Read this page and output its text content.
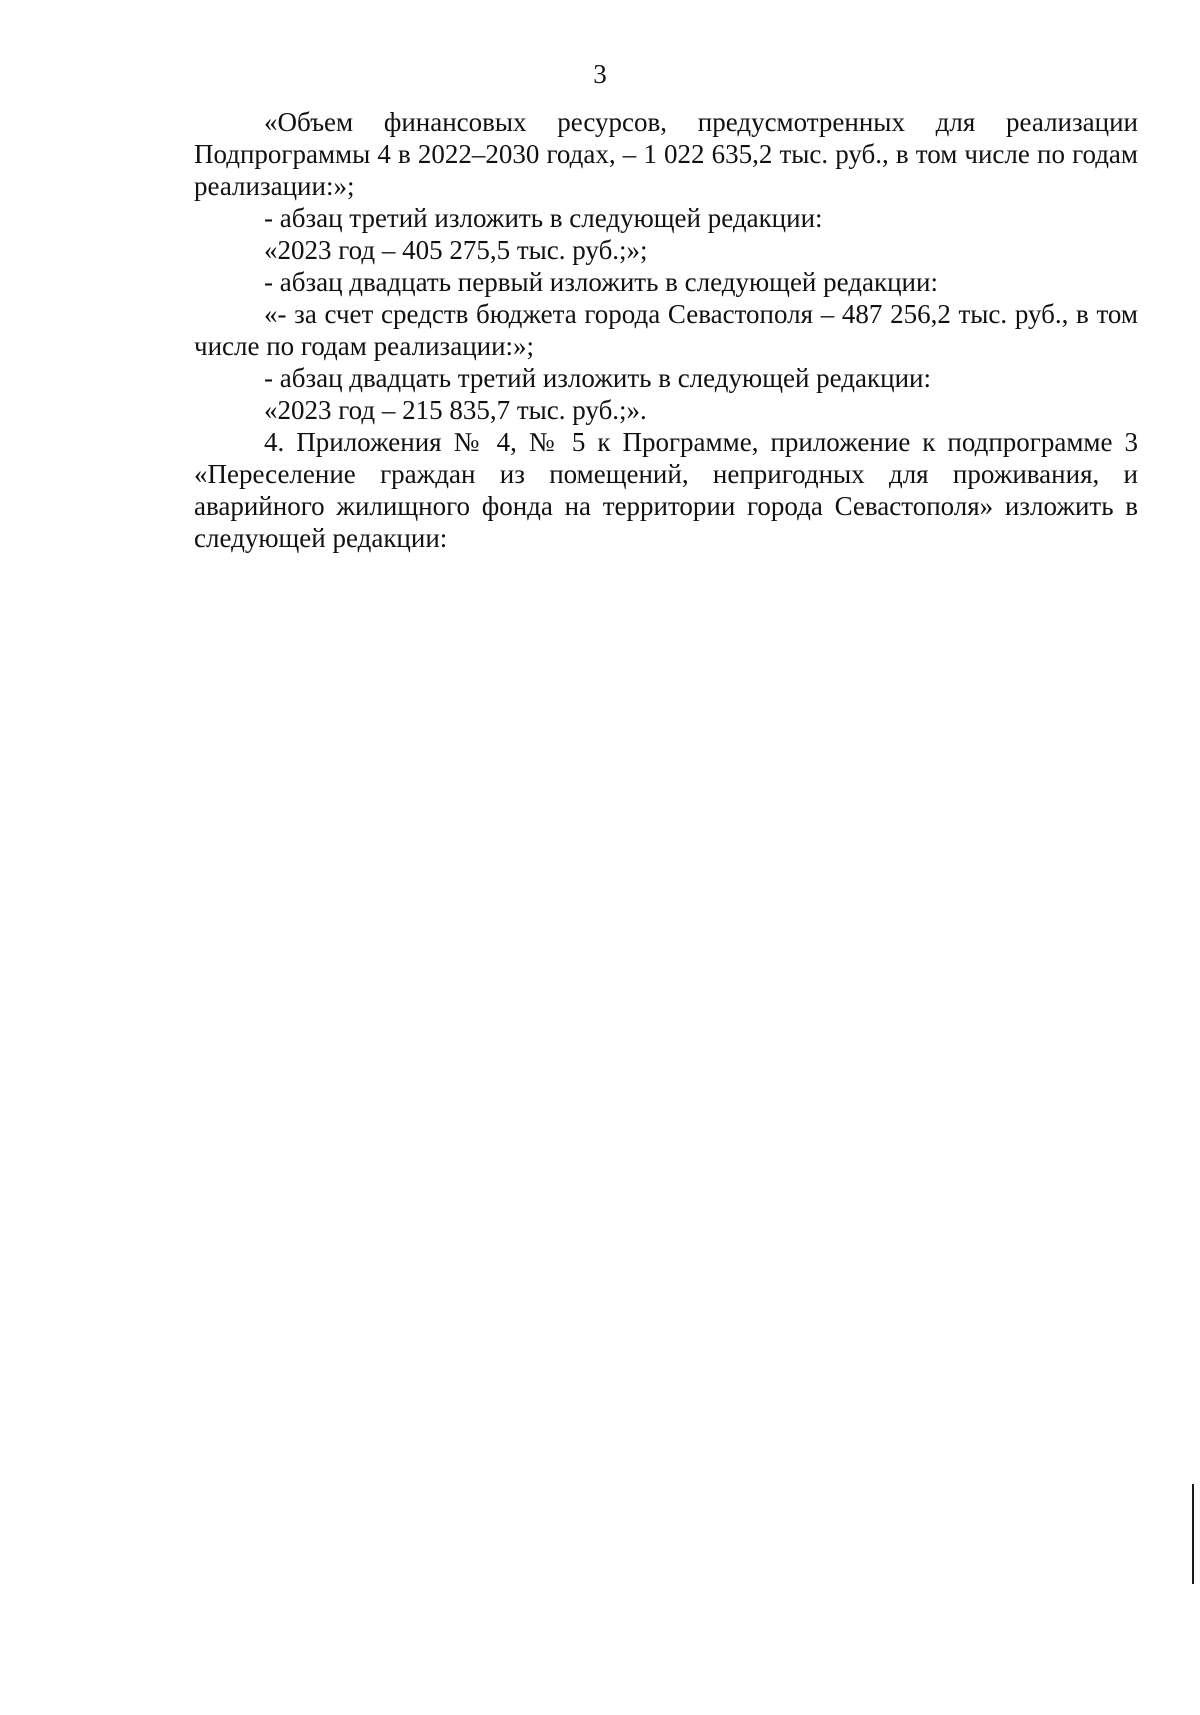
3

«Объем финансовых ресурсов, предусмотренных для реализации Подпрограммы 4 в 2022–2030 годах, – 1 022 635,2 тыс. руб., в том числе по годам реализации:»;

- абзац третий изложить в следующей редакции:

«2023 год – 405 275,5 тыс. руб.;»;

- абзац двадцать первый изложить в следующей редакции:

«- за счет средств бюджета города Севастополя – 487 256,2 тыс. руб., в том числе по годам реализации:»;

- абзац двадцать третий изложить в следующей редакции:

«2023 год – 215 835,7 тыс. руб.;».

4. Приложения № 4, № 5 к Программе, приложение к подпрограмме 3 «Переселение граждан из помещений, непригодных для проживания, и аварийного жилищного фонда на территории города Севастополя» изложить в следующей редакции:
